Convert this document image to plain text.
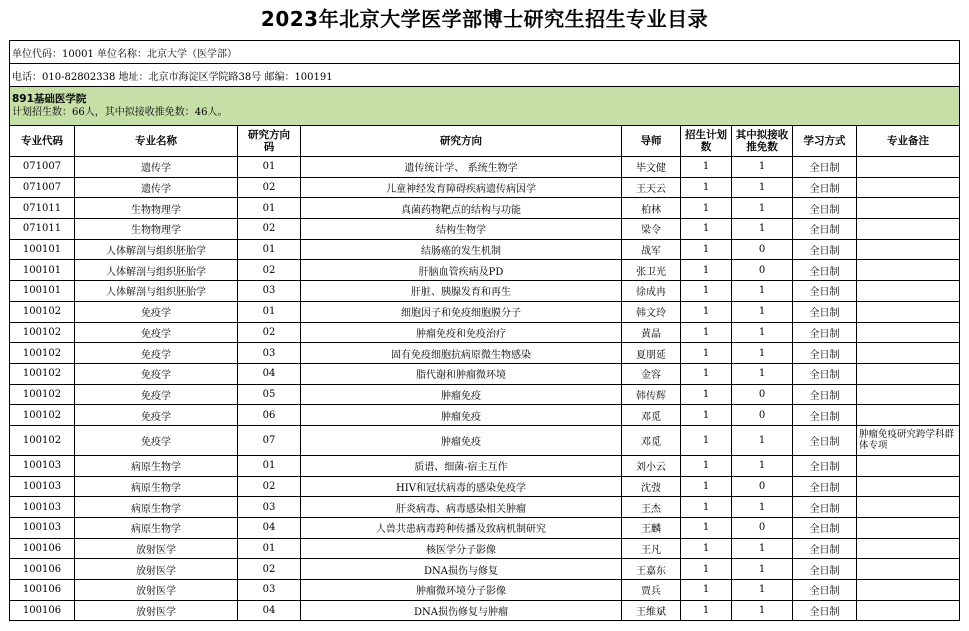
2023年北京大学医学部博士研究生招生专业目录
单位代码：10001 单位名称：北京大学（医学部）								
电话：010-82802338 地址：北京市海淀区学院路38号 邮编：100191								

891基础医学院
计划招生数：66人，其中拟接收推免数：46人。								

专业代码	专业名称	研究方向码	研究方向	导师	招生计划数	其中拟接收推免数	学习方式	专业备注
071007	遗传学	01	遗传统计学、 系统生物学	毕文健	1	1	全日制	
071007	遗传学	02	儿童神经发育障碍疾病遗传病因学	王天云	1	1	全日制	
071011	生物物理学	01	真菌药物靶点的结构与功能	柏林	1	1	全日制	
071011	生物物理学	02	结构生物学	梁令	1	1	全日制	
100101	人体解剖与组织胚胎学	01	结肠癌的发生机制	战军	1	0	全日制	
100101	人体解剖与组织胚胎学	02	肝脑血管疾病及PD	张卫光	1	0	全日制	
100101	人体解剖与组织胚胎学	03	肝脏、胰腺发育和再生	徐成冉	1	1	全日制	
100102	免疫学	01	细胞因子和免疫细胞膜分子	韩文玲	1	1	全日制	
100102	免疫学	02	肿瘤免疫和免疫治疗	黄晶	1	1	全日制	
100102	免疫学	03	固有免疫细胞抗病原微生物感染	夏朋延	1	1	全日制	
100102	免疫学	04	脂代谢和肿瘤微环境	金容	1	1	全日制	
100102	免疫学	05	肿瘤免疫	韩传辉	1	0	全日制	
100102	免疫学	06	肿瘤免疫	邓觅	1	0	全日制	
100102	免疫学	07	肿瘤免疫	邓觅	1	1	全日制	肿瘤免疫研究跨学科群体专项
100103	病原生物学	01	质谱、细菌-宿主互作	刘小云	1	1	全日制	
100103	病原生物学	02	HIV和冠状病毒的感染免疫学	沈弢	1	0	全日制	
100103	病原生物学	03	肝炎病毒、病毒感染相关肿瘤	王杰	1	1	全日制	
100103	病原生物学	04	人兽共患病毒跨种传播及致病机制研究	王麟	1	0	全日制	
100106	放射医学	01	核医学分子影像	王凡	1	1	全日制	
100106	放射医学	02	DNA损伤与修复	王嘉东	1	1	全日制	
100106	放射医学	03	肿瘤微环境分子影像	贾兵	1	1	全日制	
100106	放射医学	04	DNA损伤修复与肿瘤	王维斌	1	1	全日制	
